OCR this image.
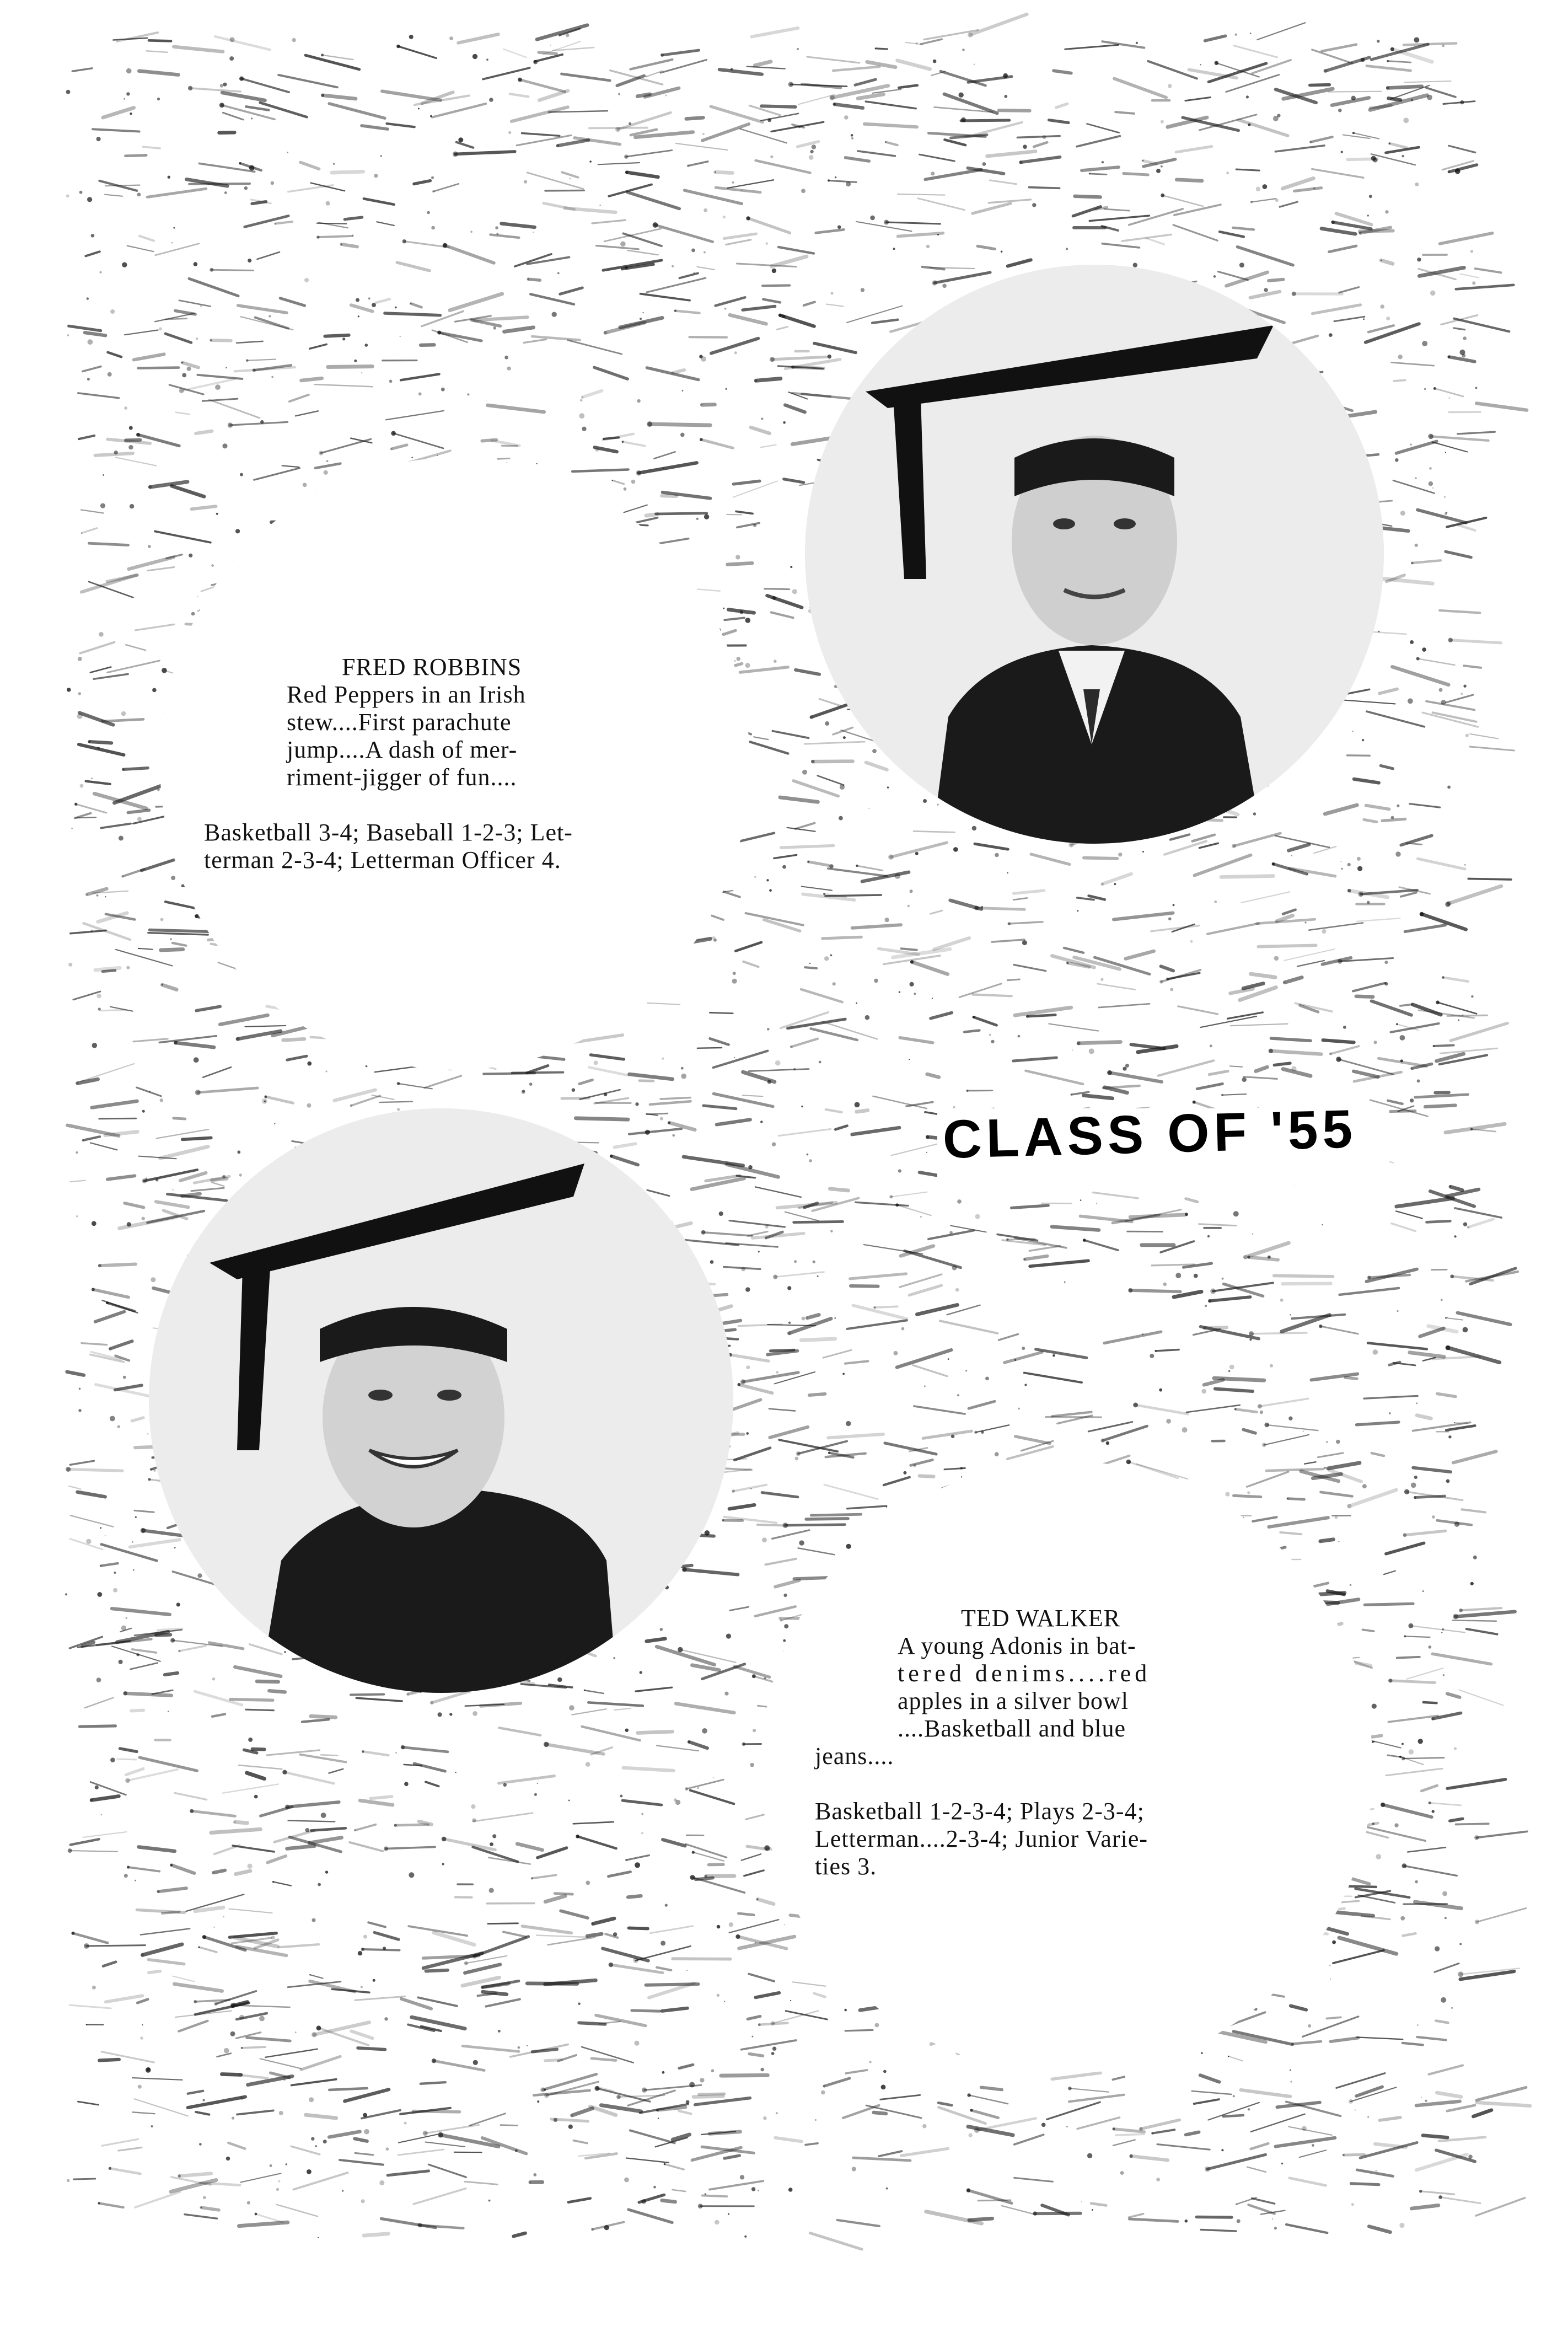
FRED ROBBINS
Red Peppers in an Irish
stew....First parachute
jump....A dash of mer-
riment-jigger of fun....
Basketball 3-4; Baseball 1-2-3; Let-
terman 2-3-4; Letterman Officer 4.
CLASS OF '55
TED WALKER
A young Adonis in bat-
tered denims....red
apples in a silver bowl
....Basketball and blue
jeans....
Basketball 1-2-3-4; Plays 2-3-4;
Letterman....2-3-4; Junior Varie-
ties 3.
